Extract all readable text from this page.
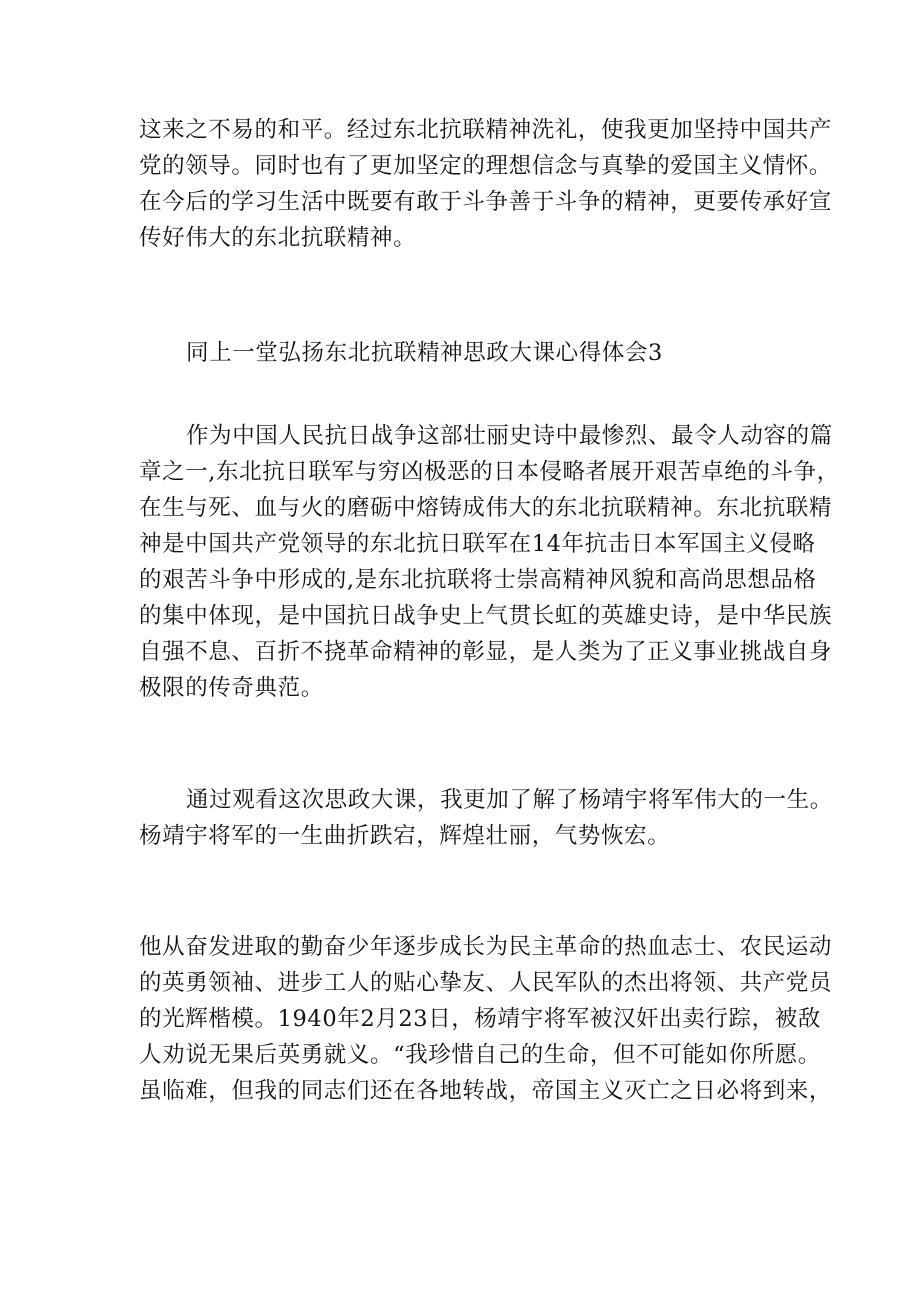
这来之不易的和平。经过东北抗联精神洗礼，使我更加坚持中国共产
党的领导。同时也有了更加坚定的理想信念与真挚的爱国主义情怀。
在今后的学习生活中既要有敢于斗争善于斗争的精神，更要传承好宣
传好伟大的东北抗联精神。
同上一堂弘扬东北抗联精神思政大课心得体会3
作为中国人民抗日战争这部壮丽史诗中最惨烈、最令人动容的篇
章之一,东北抗日联军与穷凶极恶的日本侵略者展开艰苦卓绝的斗争，
在生与死、血与火的磨砺中熔铸成伟大的东北抗联精神。东北抗联精
神是中国共产党领导的东北抗日联军在14年抗击日本军国主义侵略
的艰苦斗争中形成的,是东北抗联将士崇高精神风貌和高尚思想品格
的集中体现，是中国抗日战争史上气贯长虹的英雄史诗，是中华民族
自强不息、百折不挠革命精神的彰显，是人类为了正义事业挑战自身
极限的传奇典范。
通过观看这次思政大课，我更加了解了杨靖宇将军伟大的一生。
杨靖宇将军的一生曲折跌宕，辉煌壮丽，气势恢宏。
他从奋发进取的勤奋少年逐步成长为民主革命的热血志士、农民运动
的英勇领袖、进步工人的贴心挚友、人民军队的杰出将领、共产党员
的光辉楷模。1940年2月23日，杨靖宇将军被汉奸出卖行踪，被敌
人劝说无果后英勇就义。“我珍惜自己的生命，但不可能如你所愿。
虽临难，但我的同志们还在各地转战，帝国主义灭亡之日必将到来，
